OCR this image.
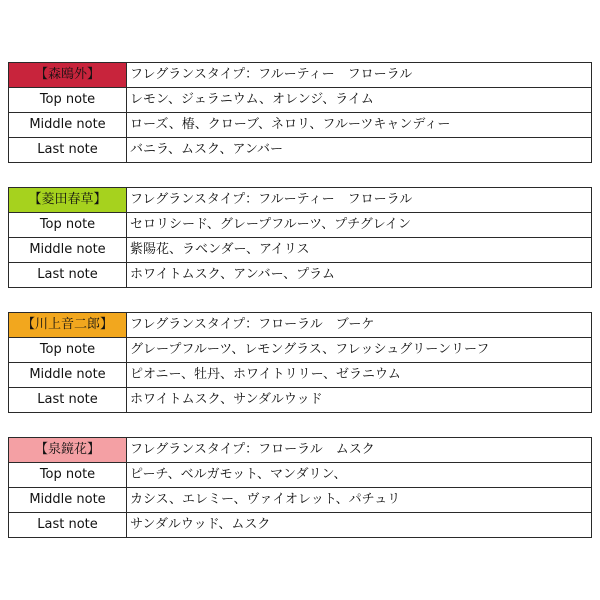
【森鴎外】	フレグランスタイプ：フルーティー　フローラル
Top note	レモン、ジェラニウム、オレンジ、ライム
Middle note	ローズ、椿、クローブ、ネロリ、フルーツキャンディー
Last note	バニラ、ムスク、アンバー
【菱田春草】	フレグランスタイプ：フルーティー　フローラル
Top note	セロリシード、グレープフルーツ、プチグレイン
Middle note	紫陽花、ラベンダー、アイリス
Last note	ホワイトムスク、アンバー、プラム
【川上音二郎】	フレグランスタイプ：フローラル　ブーケ
Top note	グレープフルーツ、レモングラス、フレッシュグリーンリーフ
Middle note	ピオニー、牡丹、ホワイトリリー、ゼラニウム
Last note	ホワイトムスク、サンダルウッド
【泉鏡花】	フレグランスタイプ：フローラル　ムスク
Top note	ピーチ、ベルガモット、マンダリン、
Middle note	カシス、エレミー、ヴァイオレット、パチュリ
Last note	サンダルウッド、ムスク
